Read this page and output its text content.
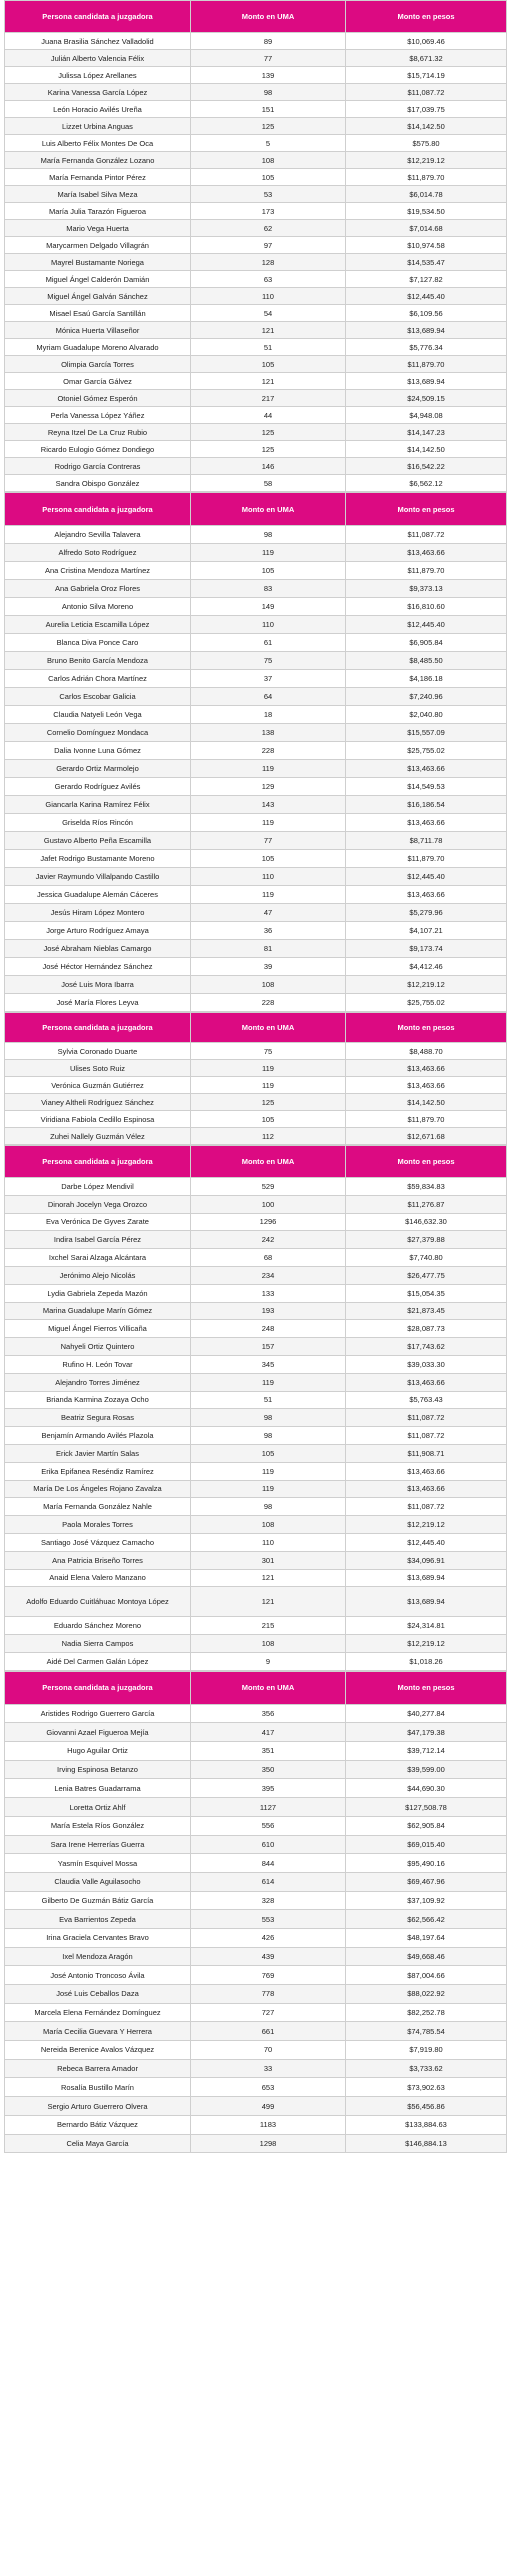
Persona candidata a juzgadora	Monto en UMA	Monto en pesos
Juana Brasilia Sánchez Valladolid	89	$10,069.46
Julián Alberto Valencia Félix	77	$8,671.32
Julissa López Arellanes	139	$15,714.19
Karina Vanessa García López	98	$11,087.72
León Horacio Avilés Ureña	151	$17,039.75
Lizzet Urbina Anguas	125	$14,142.50
Luis Alberto Félix Montes De Oca	5	$575.80
María Fernanda González Lozano	108	$12,219.12
María Fernanda Pintor Pérez	105	$11,879.70
María Isabel Silva Meza	53	$6,014.78
María Julia Tarazón Figueroa	173	$19,534.50
Mario Vega Huerta	62	$7,014.68
Marycarmen Delgado Villagrán	97	$10,974.58
Mayrel Bustamante Noriega	128	$14,535.47
Miguel Ángel Calderón Damián	63	$7,127.82
Miguel Ángel Galván Sánchez	110	$12,445.40
Misael Esaú García Santillán	54	$6,109.56
Mónica Huerta Villaseñor	121	$13,689.94
Myriam Guadalupe Moreno Alvarado	51	$5,776.34
Olimpia García Torres	105	$11,879.70
Omar García Gálvez	121	$13,689.94
Otoniel Gómez Esperón	217	$24,509.15
Perla Vanessa López Yáñez	44	$4,948.08
Reyna Itzel De La Cruz Rubio	125	$14,147.23
Ricardo Eulogio Gómez Dondiego	125	$14,142.50
Rodrigo García Contreras	146	$16,542.22
Sandra Obispo González	58	$6,562.12
Persona candidata a juzgadora	Monto en UMA	Monto en pesos
Alejandro Sevilla Talavera	98	$11,087.72
Alfredo Soto Rodríguez	119	$13,463.66
Ana Cristina Mendoza Martínez	105	$11,879.70
Ana Gabriela Oroz Flores	83	$9,373.13
Antonio Silva Moreno	149	$16,810.60
Aurelia Leticia Escamilla López	110	$12,445.40
Blanca Diva Ponce Caro	61	$6,905.84
Bruno Benito García Mendoza	75	$8,485.50
Carlos Adrián Chora Martínez	37	$4,186.18
Carlos Escobar Galicia	64	$7,240.96
Claudia Natyeli León Vega	18	$2,040.80
Cornelio Domínguez Mondaca	138	$15,557.09
Dalia Ivonne Luna Gómez	228	$25,755.02
Gerardo Ortiz Marmolejo	119	$13,463.66
Gerardo Rodríguez Avilés	129	$14,549.53
Giancarla Karina Ramírez Félix	143	$16,186.54
Griselda Ríos Rincón	119	$13,463.66
Gustavo Alberto Peña Escamilla	77	$8,711.78
Jafet Rodrigo Bustamante Moreno	105	$11,879.70
Javier Raymundo Villalpando Castillo	110	$12,445.40
Jessica Guadalupe Alemán Cáceres	119	$13,463.66
Jesús Hiram López Montero	47	$5,279.96
Jorge Arturo Rodríguez Amaya	36	$4,107.21
José Abraham Nieblas Camargo	81	$9,173.74
José Héctor Hernández Sánchez	39	$4,412.46
José Luis Mora Ibarra	108	$12,219.12
José María Flores Leyva	228	$25,755.02
Persona candidata a juzgadora	Monto en UMA	Monto en pesos
Sylvia Coronado Duarte	75	$8,488.70
Ulises Soto Ruiz	119	$13,463.66
Verónica Guzmán Gutiérrez	119	$13,463.66
Vianey Altheli Rodríguez Sánchez	125	$14,142.50
Viridiana Fabiola Cedillo Espinosa	105	$11,879.70
Zuhei Nallely Guzmán Vélez	112	$12,671.68
Persona candidata a juzgadora	Monto en UMA	Monto en pesos
Darbe López Mendivil	529	$59,834.83
Dinorah Jocelyn Vega Orozco	100	$11,276.87
Eva Verónica De Gyves Zarate	1296	$146,632.30
Indira Isabel García Pérez	242	$27,379.88
Ixchel Sarai Alzaga Alcántara	68	$7,740.80
Jerónimo Alejo Nicolás	234	$26,477.75
Lydia Gabriela Zepeda Mazón	133	$15,054.35
Marina Guadalupe Marín Gómez	193	$21,873.45
Miguel Ángel Fierros Villicaña	248	$28,087.73
Nahyeli Ortiz Quintero	157	$17,743.62
Rufino H. León Tovar	345	$39,033.30
Alejandro Torres Jiménez	119	$13,463.66
Brianda Karmina Zozaya Ocho	51	$5,763.43
Beatriz Segura Rosas	98	$11,087.72
Benjamín Armando Avilés Plazola	98	$11,087.72
Erick Javier Martín Salas	105	$11,908.71
Erika Epifanea Reséndiz Ramírez	119	$13,463.66
María De Los Ángeles Rojano Zavalza	119	$13,463.66
María Fernanda González Nahle	98	$11,087.72
Paola Morales Torres	108	$12,219.12
Santiago José Vázquez Camacho	110	$12,445.40
Ana Patricia Briseño Torres	301	$34,096.91
Anaid Elena Valero Manzano	121	$13,689.94
Adolfo Eduardo Cuitláhuac Montoya López	121	$13,689.94
Eduardo Sánchez Moreno	215	$24,314.81
Nadia Sierra Campos	108	$12,219.12
Aidé Del Carmen Galán López	9	$1,018.26
Persona candidata a juzgadora	Monto en UMA	Monto en pesos
Aristides Rodrigo Guerrero García	356	$40,277.84
Giovanni Azael Figueroa Mejía	417	$47,179.38
Hugo Aguilar Ortiz	351	$39,712.14
Irving Espinosa Betanzo	350	$39,599.00
Lenia Batres Guadarrama	395	$44,690.30
Loretta Ortiz Ahlf	1127	$127,508.78
María Estela Ríos González	556	$62,905.84
Sara Irene Herrerías Guerra	610	$69,015.40
Yasmín Esquivel Mossa	844	$95,490.16
Claudia Valle Aguilasocho	614	$69,467.96
Gilberto De Guzmán Bátiz García	328	$37,109.92
Eva Barrientos Zepeda	553	$62,566.42
Irina Graciela Cervantes Bravo	426	$48,197.64
Ixel Mendoza Aragón	439	$49,668.46
José Antonio Troncoso Ávila	769	$87,004.66
José Luis Ceballos Daza	778	$88,022.92
Marcela Elena Fernández Domínguez	727	$82,252.78
María Cecilia Guevara Y Herrera	661	$74,785.54
Nereida Berenice Avalos Vázquez	70	$7,919.80
Rebeca Barrera Amador	33	$3,733.62
Rosalía Bustillo Marín	653	$73,902.63
Sergio Arturo Guerrero Olvera	499	$56,456.86
Bernardo Bátiz Vázquez	1183	$133,884.63
Celia Maya García	1298	$146,884.13
